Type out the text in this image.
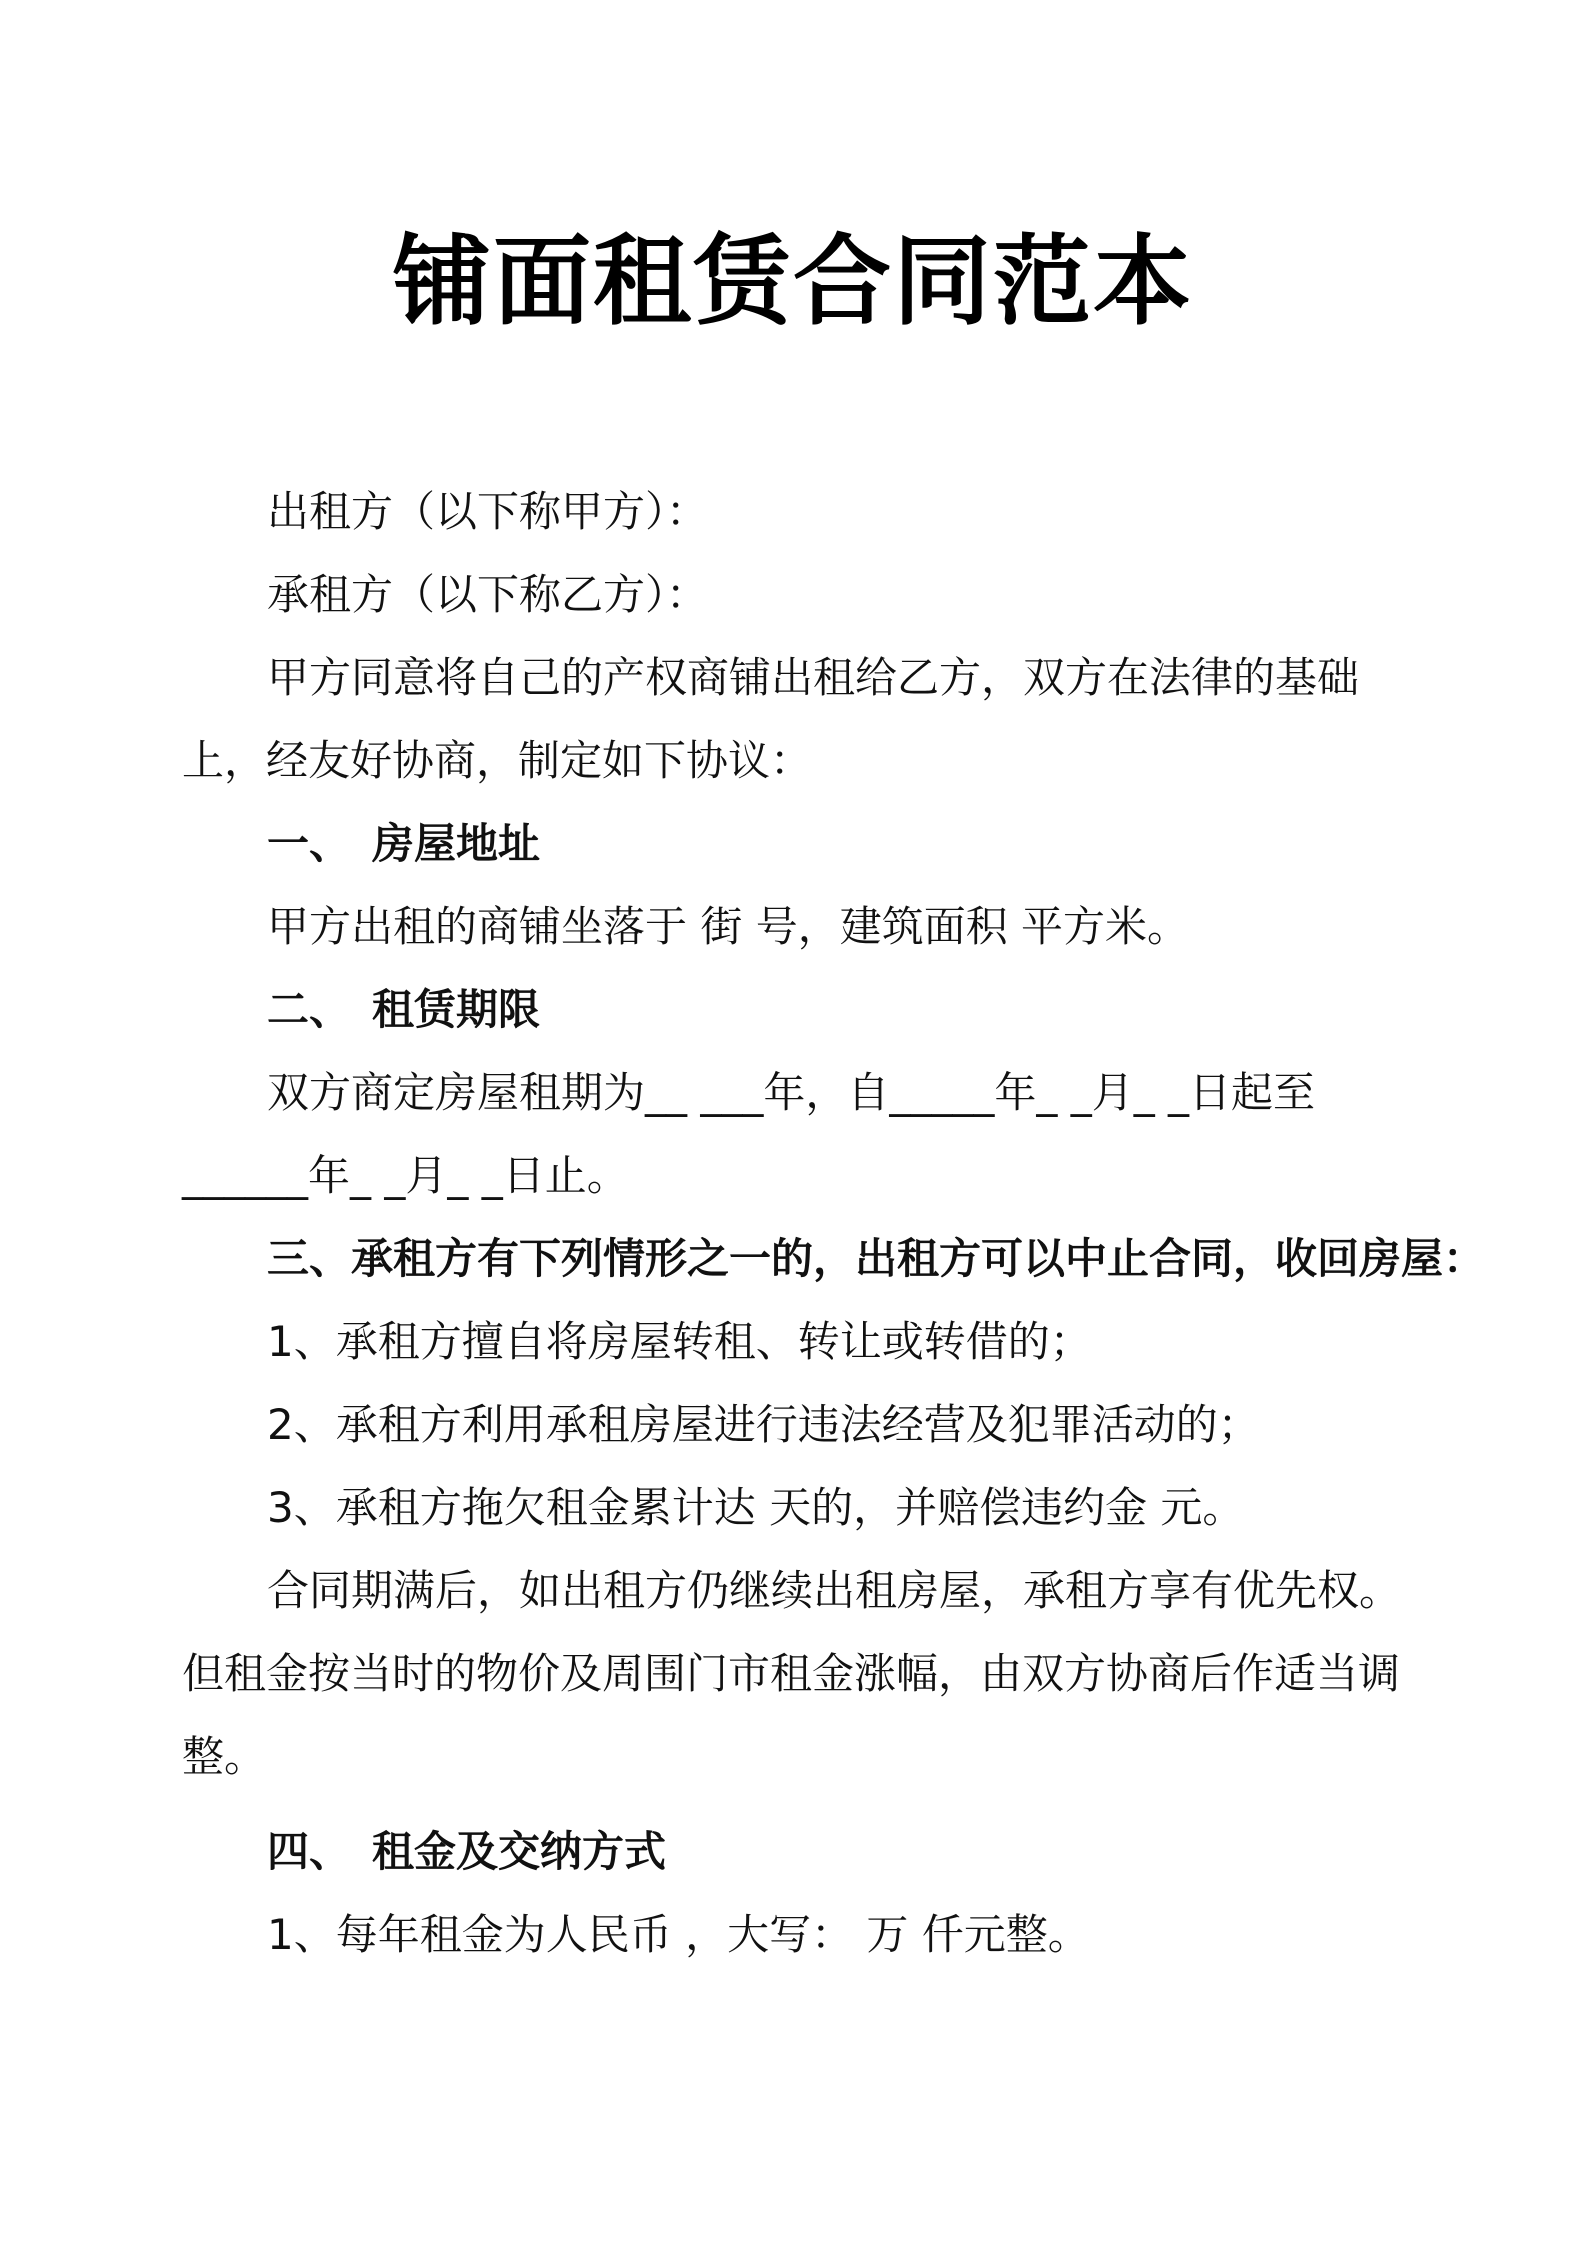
铺面租赁合同范本
出租方（以下称甲方）：
承租方（以下称乙方）：
甲方同意将自己的产权商铺出租给乙方，双方在法律的基础
上，经友好协商，制定如下协议：
一、 房屋地址
甲方出租的商铺坐落于 街 号，建筑面积 平方米。
二、 租赁期限
双方商定房屋租期为__ ___年，自_____年_ _月_ _日起至
______年_ _月_ _日止。
三、承租方有下列情形之一的，出租方可以中止合同，收回房屋：
1、承租方擅自将房屋转租、转让或转借的；
2、承租方利用承租房屋进行违法经营及犯罪活动的；
3、承租方拖欠租金累计达 天的，并赔偿违约金 元。
合同期满后，如出租方仍继续出租房屋，承租方享有优先权。
但租金按当时的物价及周围门市租金涨幅，由双方协商后作适当调
整。
四、 租金及交纳方式
1、每年租金为人民币 ，大写： 万 仟元整。
